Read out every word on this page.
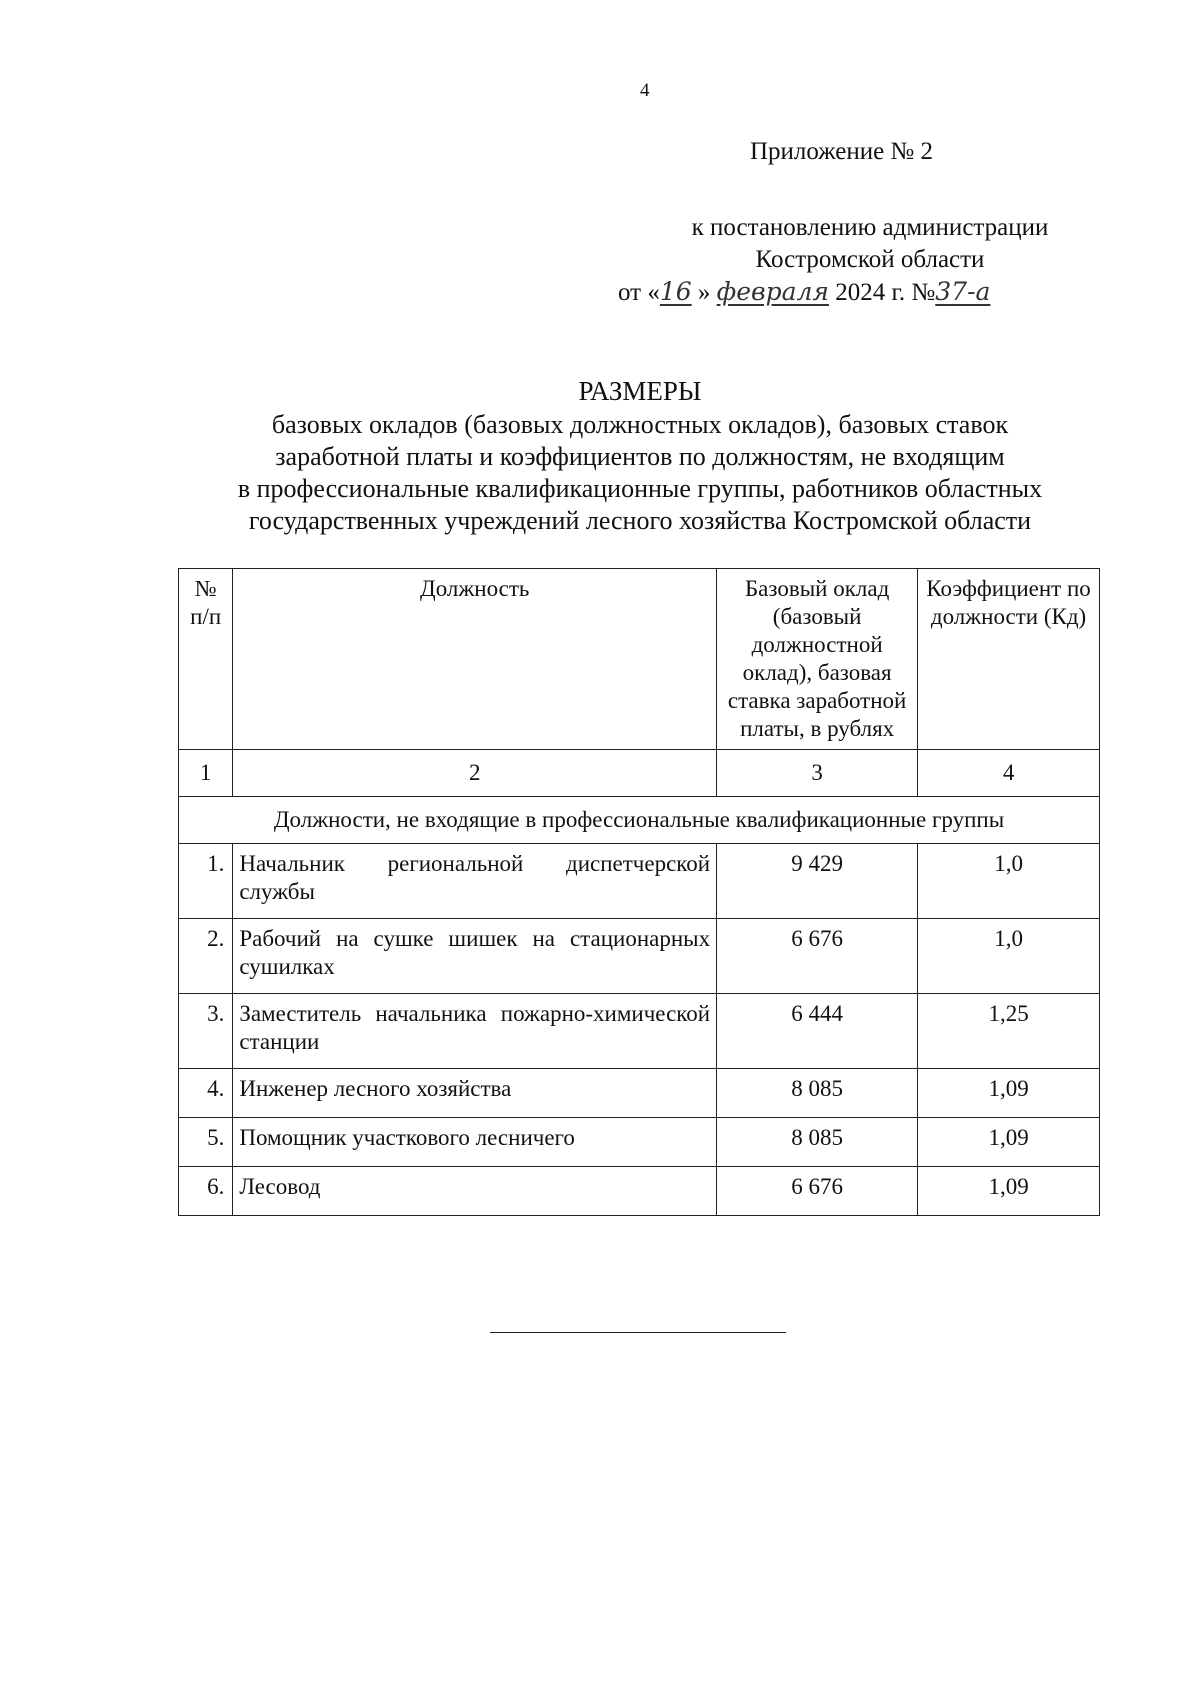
4
Приложение № 2
к постановлению администрации
Костромской области
от «16 » февраля 2024 г. №37-а
РАЗМЕРЫ
базовых окладов (базовых должностных окладов), базовых ставок
заработной платы и коэффициентов по должностям, не входящим
в профессиональные квалификационные группы, работников областных
государственных учреждений лесного хозяйства Костромской области
№ п/п	Должность	Базовый оклад (базовый должностной оклад), базовая ставка заработной платы, в рублях	Коэффициент по должности (Кд)
1	2	3	4
Должности, не входящие в профессиональные квалификационные группы			
1.	Начальник региональной диспетчерской службы	9 429	1,0
2.	Рабочий на сушке шишек на стационарных сушилках	6 676	1,0
3.	Заместитель начальника пожарно-химической станции	6 444	1,25
4.	Инженер лесного хозяйства	8 085	1,09
5.	Помощник участкового лесничего	8 085	1,09
6.	Лесовод	6 676	1,09
